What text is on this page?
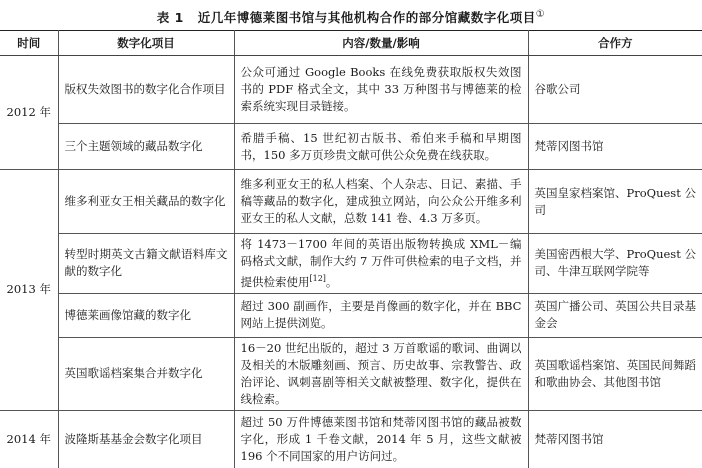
表 1 近几年博德莱图书馆与其他机构合作的部分馆藏数字化项目①
时间	数字化项目	内容/数量/影响	合作方
2012 年	版权失效图书的数字化合作项目	公众可通过 Google Books 在线免费获取版权失效图书的 PDF 格式全文，其中 33 万种图书与博德莱的检索系统实现目录链接。	谷歌公司
	三个主题领域的藏品数字化	希腊手稿、15 世纪初古版书、希伯来手稿和早期图书，150 多万页珍贵文献可供公众免费在线获取。	梵蒂冈图书馆
2013 年	维多利亚女王相关藏品的数字化	维多利亚女王的私人档案、个人杂志、日记、素描、手稿等藏品的数字化，建成独立网站，向公众公开维多利亚女王的私人文献，总数 141 卷、4.3 万多页。	英国皇家档案馆、ProQuest 公司
	转型时期英文古籍文献语料库文献的数字化	将 1473－1700 年间的英语出版物转换成 XML－编码格式文献，制作大约 7 万件可供检索的电子文档，并提供检索使用[12]。	美国密西根大学、ProQuest 公司、牛津互联网学院等
	博德莱画像馆藏的数字化	超过 300 副画作，主要是肖像画的数字化，并在 BBC 网站上提供浏览。	英国广播公司、英国公共目录基金会
	英国歌谣档案集合并数字化	16－20 世纪出版的，超过 3 万首歌谣的歌词、曲调以及相关的木版雕刻画、预言、历史故事、宗教警告、政治评论、讽刺喜剧等相关文献被整理、数字化，提供在线检索。	英国歌谣档案馆、英国民间舞蹈和歌曲协会、其他图书馆
2014 年	波隆斯基基金会数字化项目	超过 50 万件博德莱图书馆和梵蒂冈图书馆的藏品被数字化，形成 1 千卷文献，2014 年 5 月，这些文献被 196 个不同国家的用户访问过。	梵蒂冈图书馆
